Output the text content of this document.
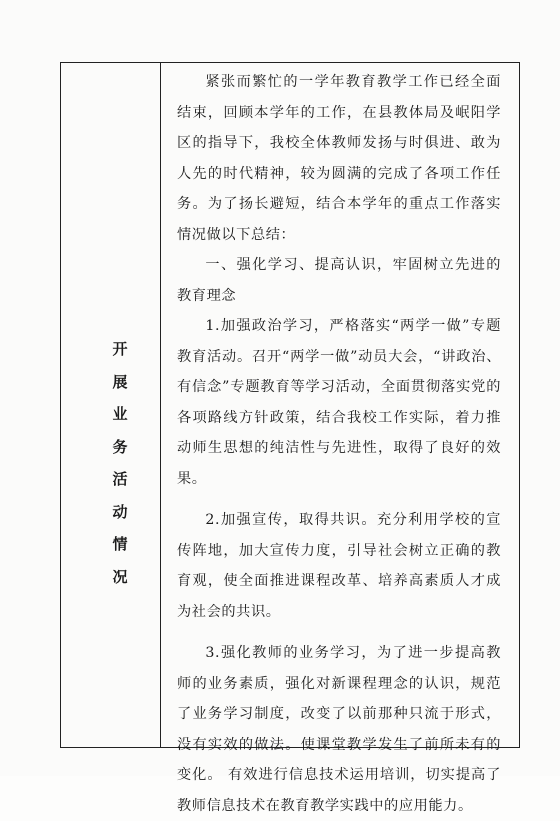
开
展
业
务
活
动
情
况

紧张而繁忙的一学年教育教学工作已经全面结束，回顾本学年的工作，在县教体局及岷阳学区的指导下，我校全体教师发扬与时俱进、敢为人先的时代精神，较为圆满的完成了各项工作任务。为了扬长避短，结合本学年的重点工作落实情况做以下总结：

一、强化学习、提高认识，牢固树立先进的教育理念

1.加强政治学习，严格落实“两学一做”专题教育活动。召开“两学一做”动员大会，“讲政治、有信念”专题教育等学习活动，全面贯彻落实党的各项路线方针政策，结合我校工作实际，着力推动师生思想的纯洁性与先进性，取得了良好的效果。

2.加强宣传，取得共识。充分利用学校的宣传阵地，加大宣传力度，引导社会树立正确的教育观，使全面推进课程改革、培养高素质人才成为社会的共识。

3.强化教师的业务学习，为了进一步提高教师的业务素质，强化对新课程理念的认识，规范了业务学习制度，改变了以前那种只流于形式，没有实效的做法。使课堂教学发生了前所未有的变化。 有效进行信息技术运用培训，切实提高了教师信息技术在教育教学实践中的应用能力。
